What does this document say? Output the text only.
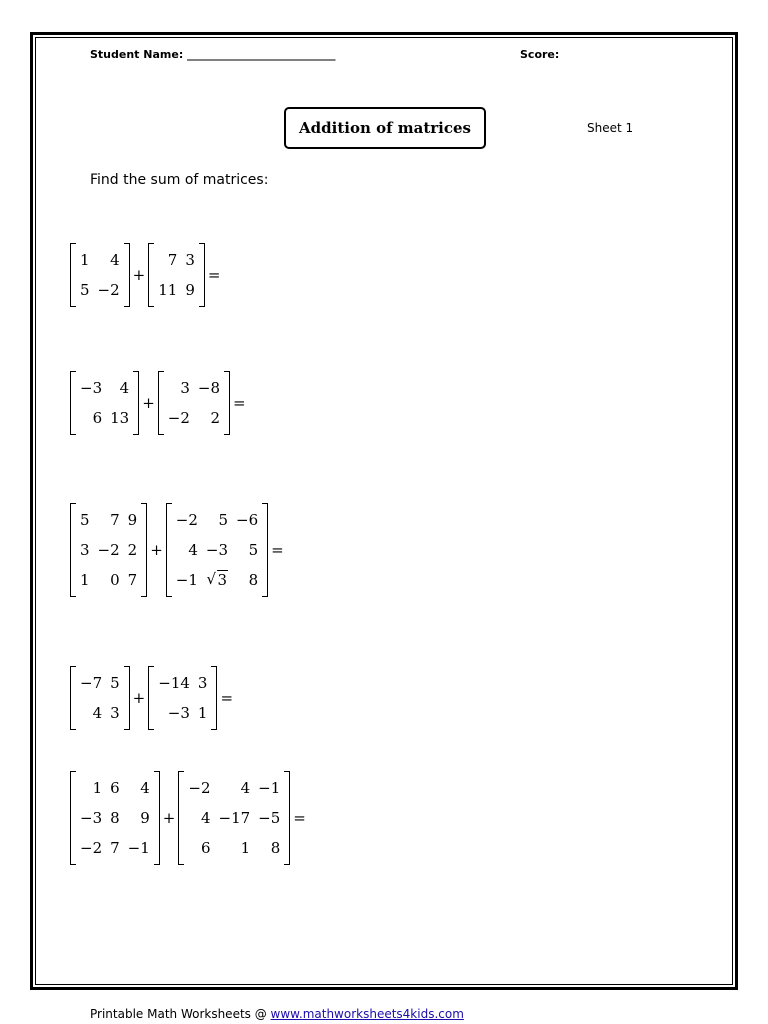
Student Name: ___________________________	Score:
Addition of matrices	Sheet 1
Find the sum of matrices:
1	4
5 −2
+
7 3
11 9
=
−3	4
6 13
+
3 −8
−2	2
=
5	7 9
3 −2 2
1	0 7
+
−2	5 −6
4 −3	5
−1	√ 3	8
=
−7 5
4 3
+
−14 3
−3 1
=
1 6	4
−3 8	9
−2 7 −1
+
−2	4 −1
4 −17 −5
6	1	8
=
Printable Math Worksheets @ www.mathworksheets4kids.com
